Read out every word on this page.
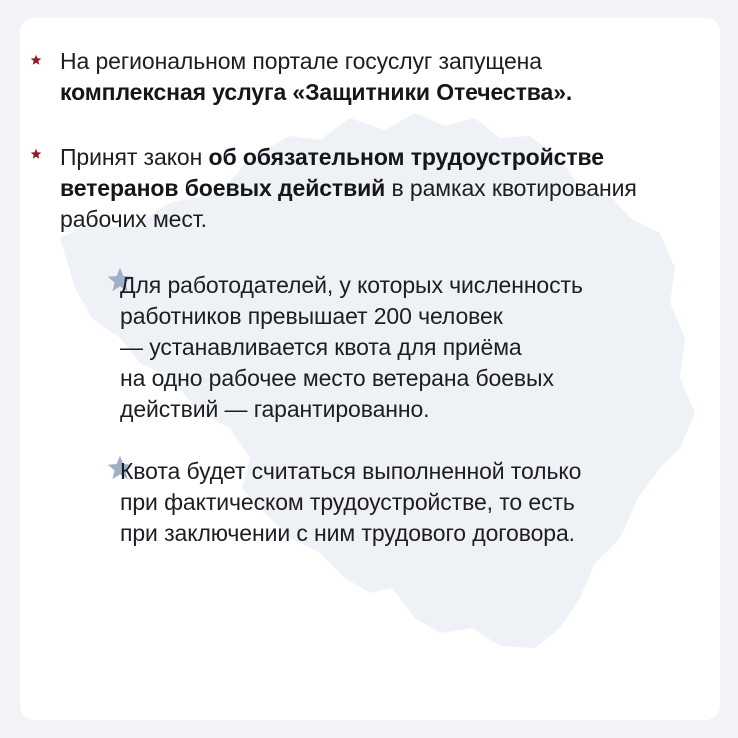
На региональном портале госуслуг запущена

комплексная услуга «Защитники Отечества».

Принят закон об обязательном трудоустройстве

ветеранов боевых действий в рамках квотирования

рабочих мест.

Для работодателей, у которых численность

работников превышает 200 человек

— устанавливается квота для приёма

на одно рабочее место ветерана боевых

действий — гарантированно.

Квота будет считаться выполненной только

при фактическом трудоустройстве, то есть

при заключении с ним трудового договора.
